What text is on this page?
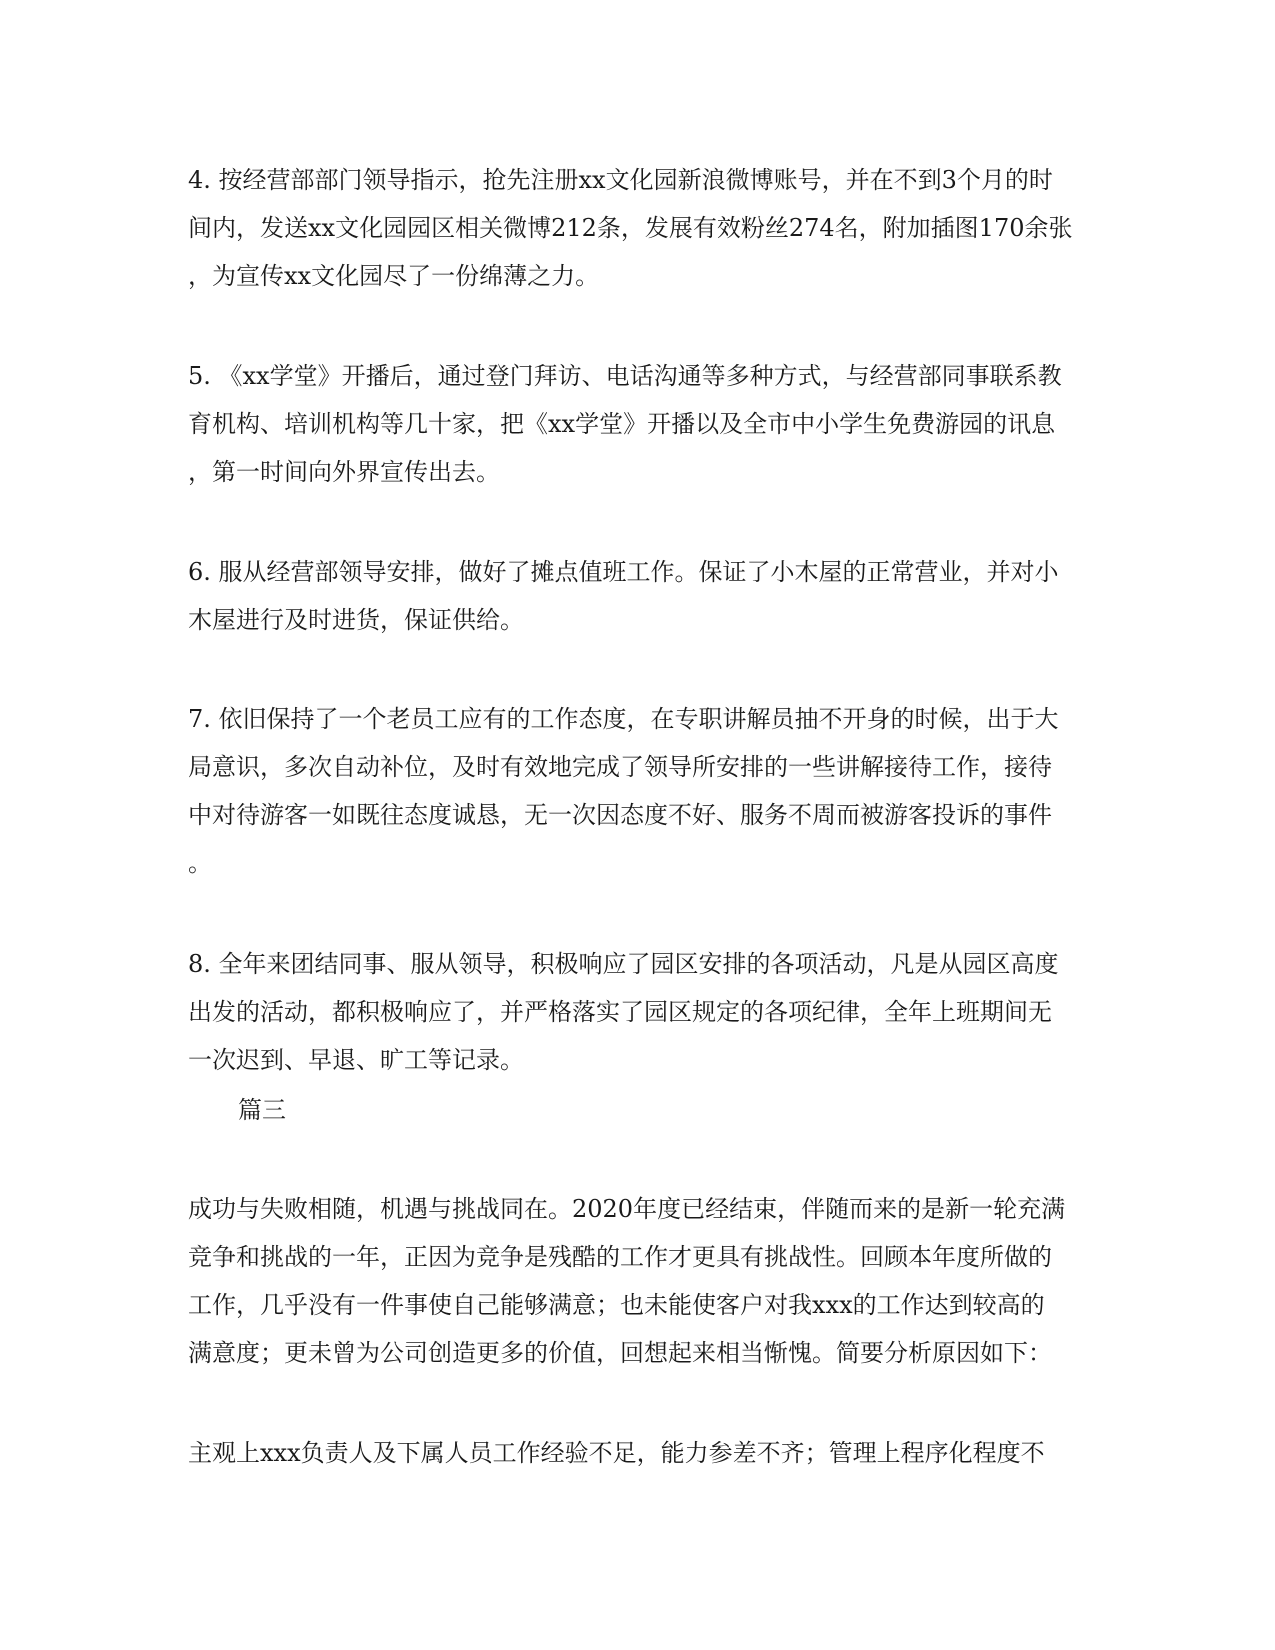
4. 按经营部部门领导指示，抢先注册xx文化园新浪微博账号，并在不到3个月的时
间内，发送xx文化园园区相关微博212条，发展有效粉丝274名，附加插图170余张
，为宣传xx文化园尽了一份绵薄之力。
5. 《xx学堂》开播后，通过登门拜访、电话沟通等多种方式，与经营部同事联系教
育机构、培训机构等几十家，把《xx学堂》开播以及全市中小学生免费游园的讯息
，第一时间向外界宣传出去。
6. 服从经营部领导安排，做好了摊点值班工作。保证了小木屋的正常营业，并对小
木屋进行及时进货，保证供给。
7. 依旧保持了一个老员工应有的工作态度，在专职讲解员抽不开身的时候，出于大
局意识，多次自动补位，及时有效地完成了领导所安排的一些讲解接待工作，接待
中对待游客一如既往态度诚恳，无一次因态度不好、服务不周而被游客投诉的事件
。
8. 全年来团结同事、服从领导，积极响应了园区安排的各项活动，凡是从园区高度
出发的活动，都积极响应了，并严格落实了园区规定的各项纪律，全年上班期间无
一次迟到、早退、旷工等记录。
篇三
成功与失败相随，机遇与挑战同在。2020年度已经结束，伴随而来的是新一轮充满
竞争和挑战的一年，正因为竞争是残酷的工作才更具有挑战性。回顾本年度所做的
工作，几乎没有一件事使自己能够满意；也未能使客户对我xxx的工作达到较高的
满意度；更未曾为公司创造更多的价值，回想起来相当惭愧。简要分析原因如下：
主观上xxx负责人及下属人员工作经验不足，能力参差不齐；管理上程序化程度不
